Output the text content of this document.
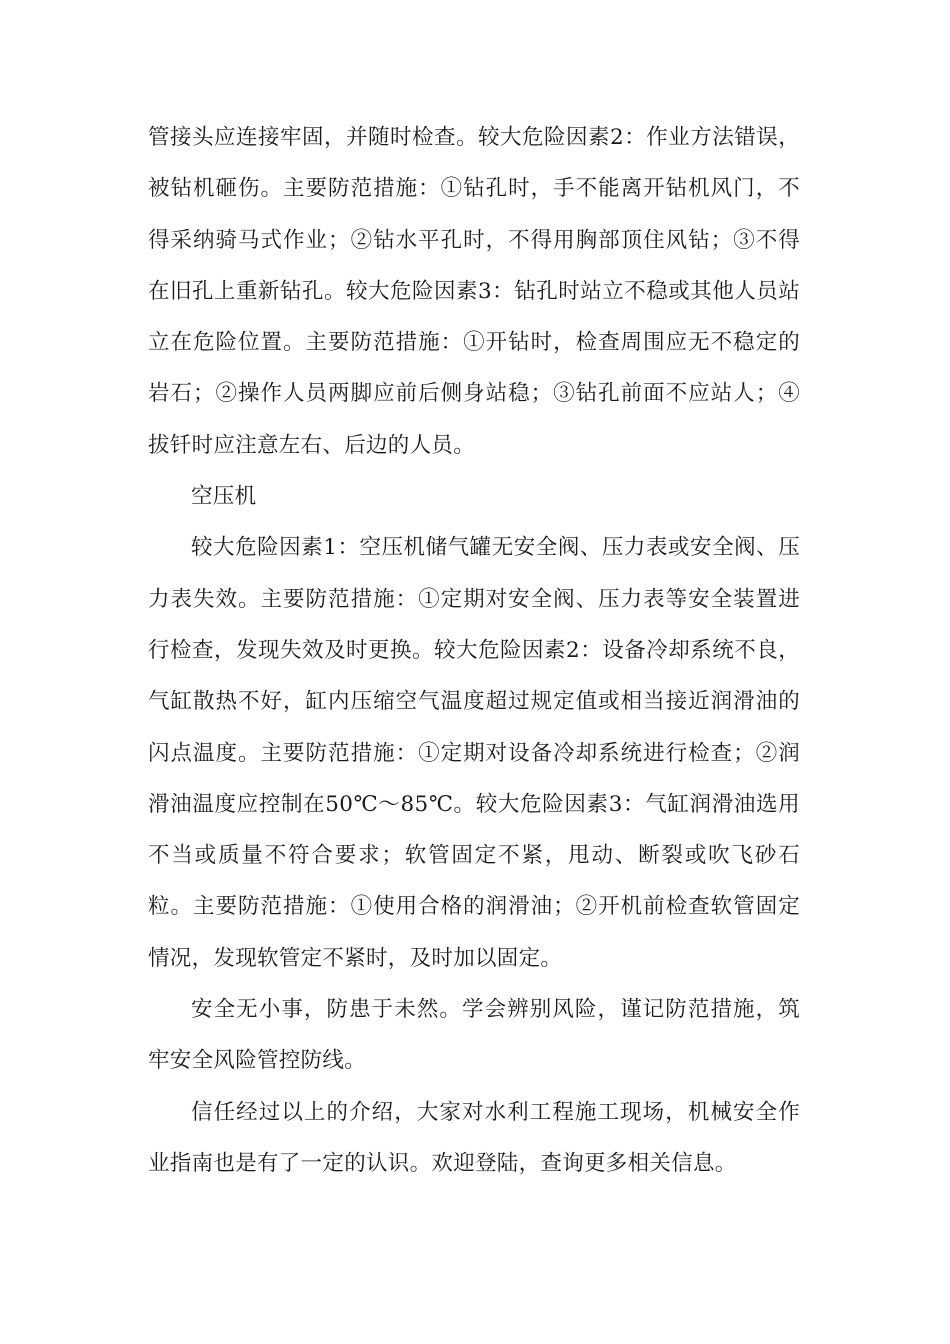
管接头应连接牢固，并随时检查。较大危险因素2：作业方法错误，被钻机砸伤。主要防范措施：①钻孔时，手不能离开钻机风门，不得采纳骑马式作业；②钻水平孔时，不得用胸部顶住风钻；③不得在旧孔上重新钻孔。较大危险因素3：钻孔时站立不稳或其他人员站立在危险位置。主要防范措施：①开钻时，检查周围应无不稳定的岩石；②操作人员两脚应前后侧身站稳；③钻孔前面不应站人；④拔钎时应注意左右、后边的人员。

空压机

较大危险因素1：空压机储气罐无安全阀、压力表或安全阀、压力表失效。主要防范措施：①定期对安全阀、压力表等安全装置进行检查，发现失效及时更换。较大危险因素2：设备冷却系统不良，气缸散热不好，缸内压缩空气温度超过规定值或相当接近润滑油的闪点温度。主要防范措施：①定期对设备冷却系统进行检查；②润滑油温度应控制在50℃～85℃。较大危险因素3：气缸润滑油选用不当或质量不符合要求；软管固定不紧，甩动、断裂或吹飞砂石粒。主要防范措施：①使用合格的润滑油；②开机前检查软管固定情况，发现软管定不紧时，及时加以固定。

安全无小事，防患于未然。学会辨别风险，谨记防范措施，筑牢安全风险管控防线。

信任经过以上的介绍，大家对水利工程施工现场，机械安全作业指南也是有了一定的认识。欢迎登陆，查询更多相关信息。
